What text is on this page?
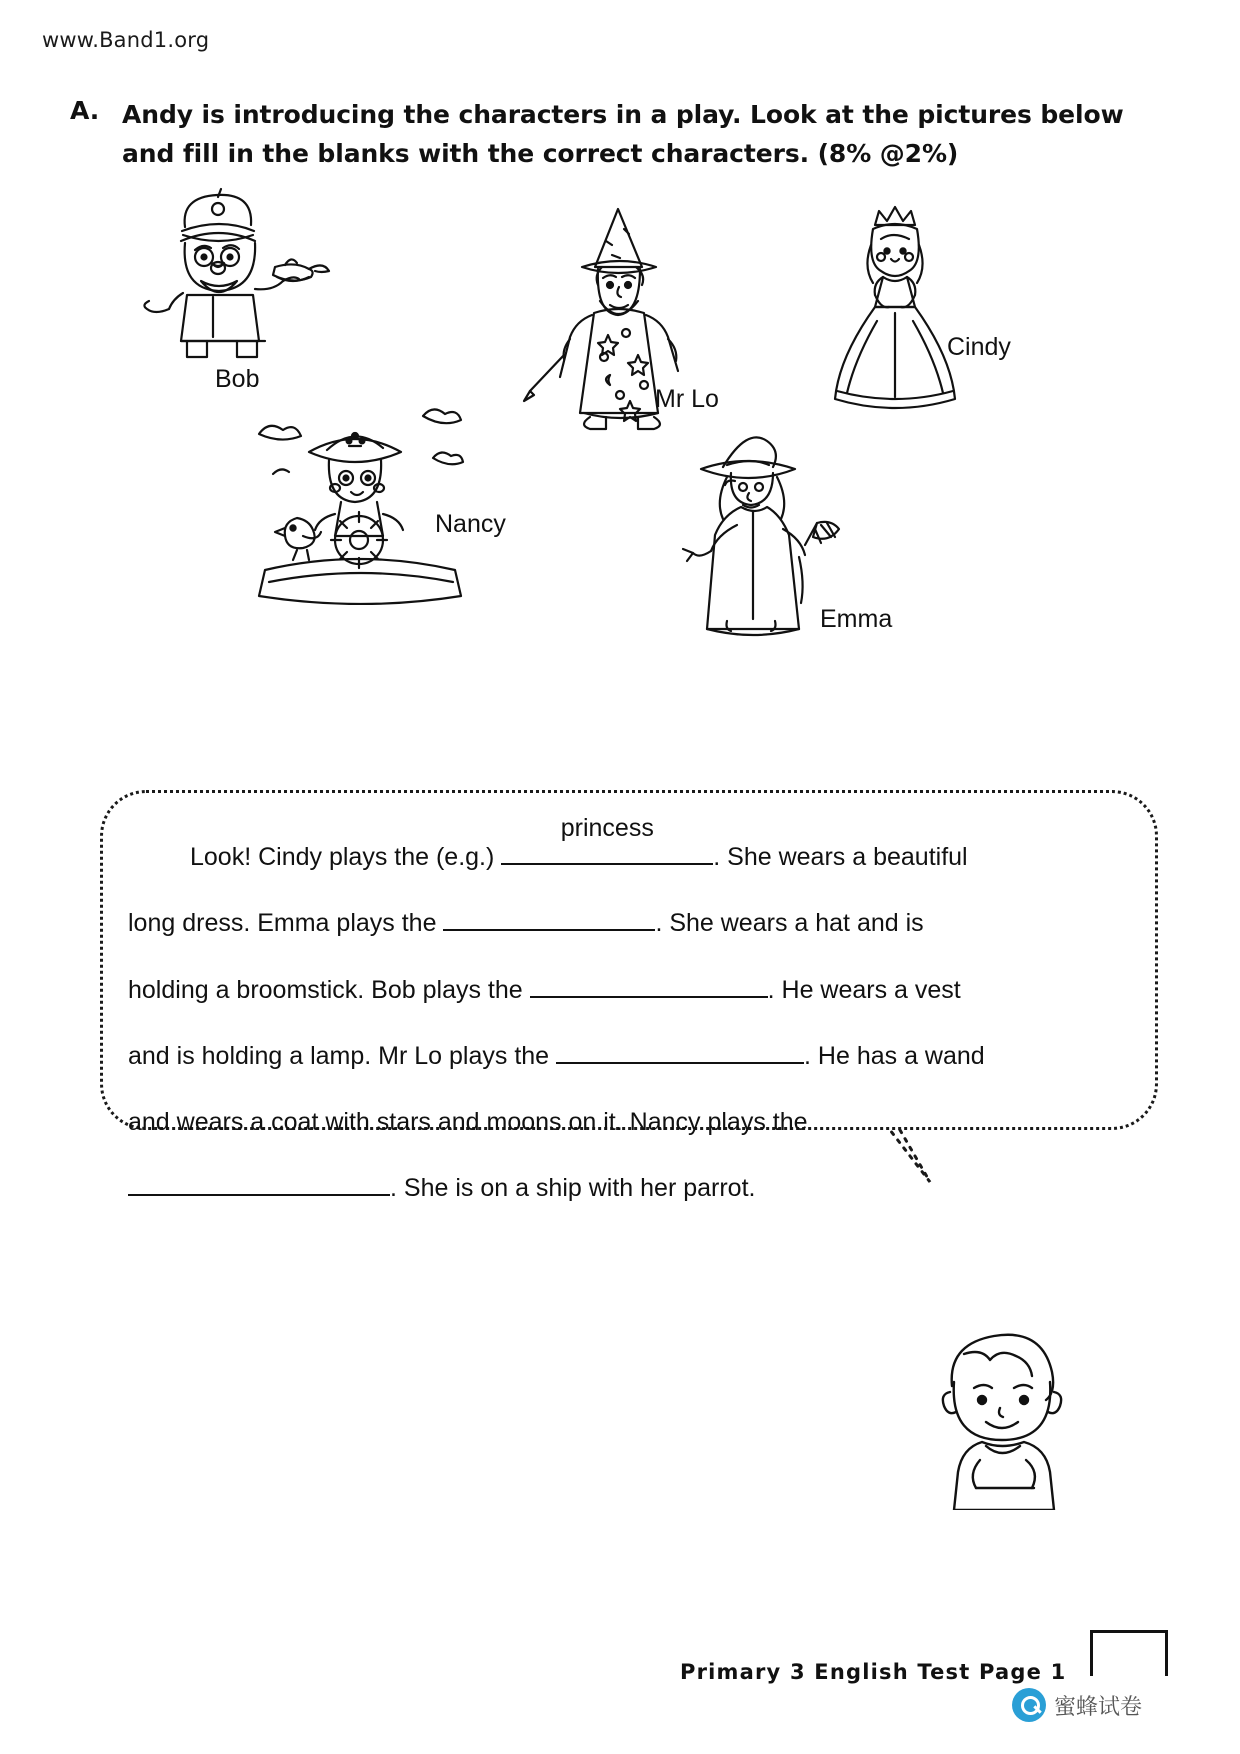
www.Band1.org
A. Andy is introducing the characters in a play. Look at the pictures below and fill in the blanks with the correct characters. (8% @2%)
Bob
Mr Lo
Cindy
Nancy
Emma
Look! Cindy plays the (e.g.)
princess
. She wears a beautiful
long dress. Emma plays the	. She wears a hat and is
holding a broomstick. Bob plays the	. He wears a vest
and is holding a lamp. Mr Lo plays the	. He has a wand
and wears a coat with stars and moons on it. Nancy plays the
. She is on a ship with her parrot.
Primary 3 English Test Page 1
蜜蜂试卷
